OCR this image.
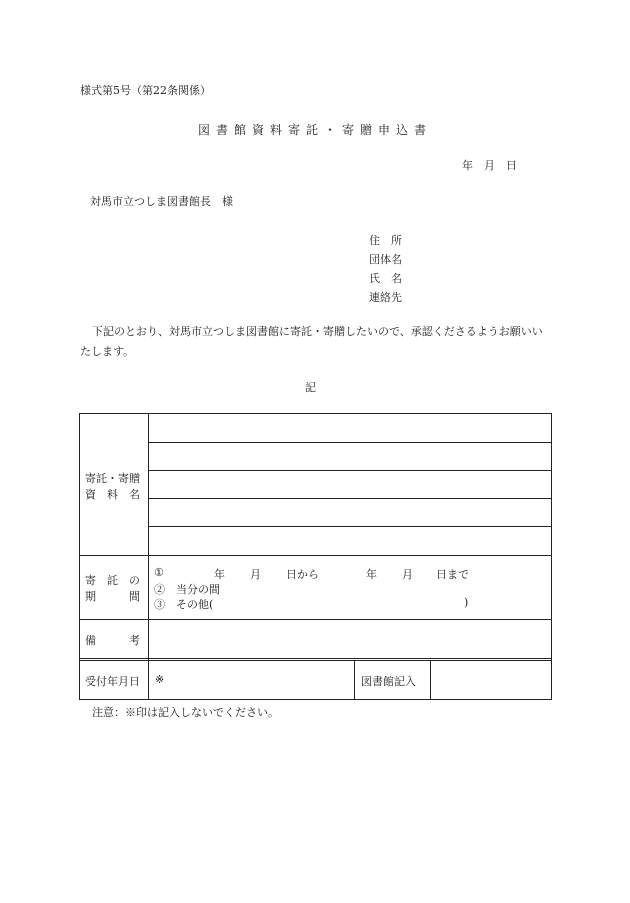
様式第5号（第22条関係）
図書館資料寄託・寄贈申込書
年　月　日
対馬市立つしま図書館長　様
住　所
団体名
氏　名
連絡先
下記のとおり、対馬市立つしま図書館に寄託・寄贈したいので、承認くださるようお願いいたします。
記
寄託・寄贈
資　料　名
寄　託　の
期　　　間
①	年 月 日から	年 月 日まで
②　当分の間
③　その他(	)
備　　　考
受付年月日 ※	図書館記入
注意：※印は記入しないでください。
